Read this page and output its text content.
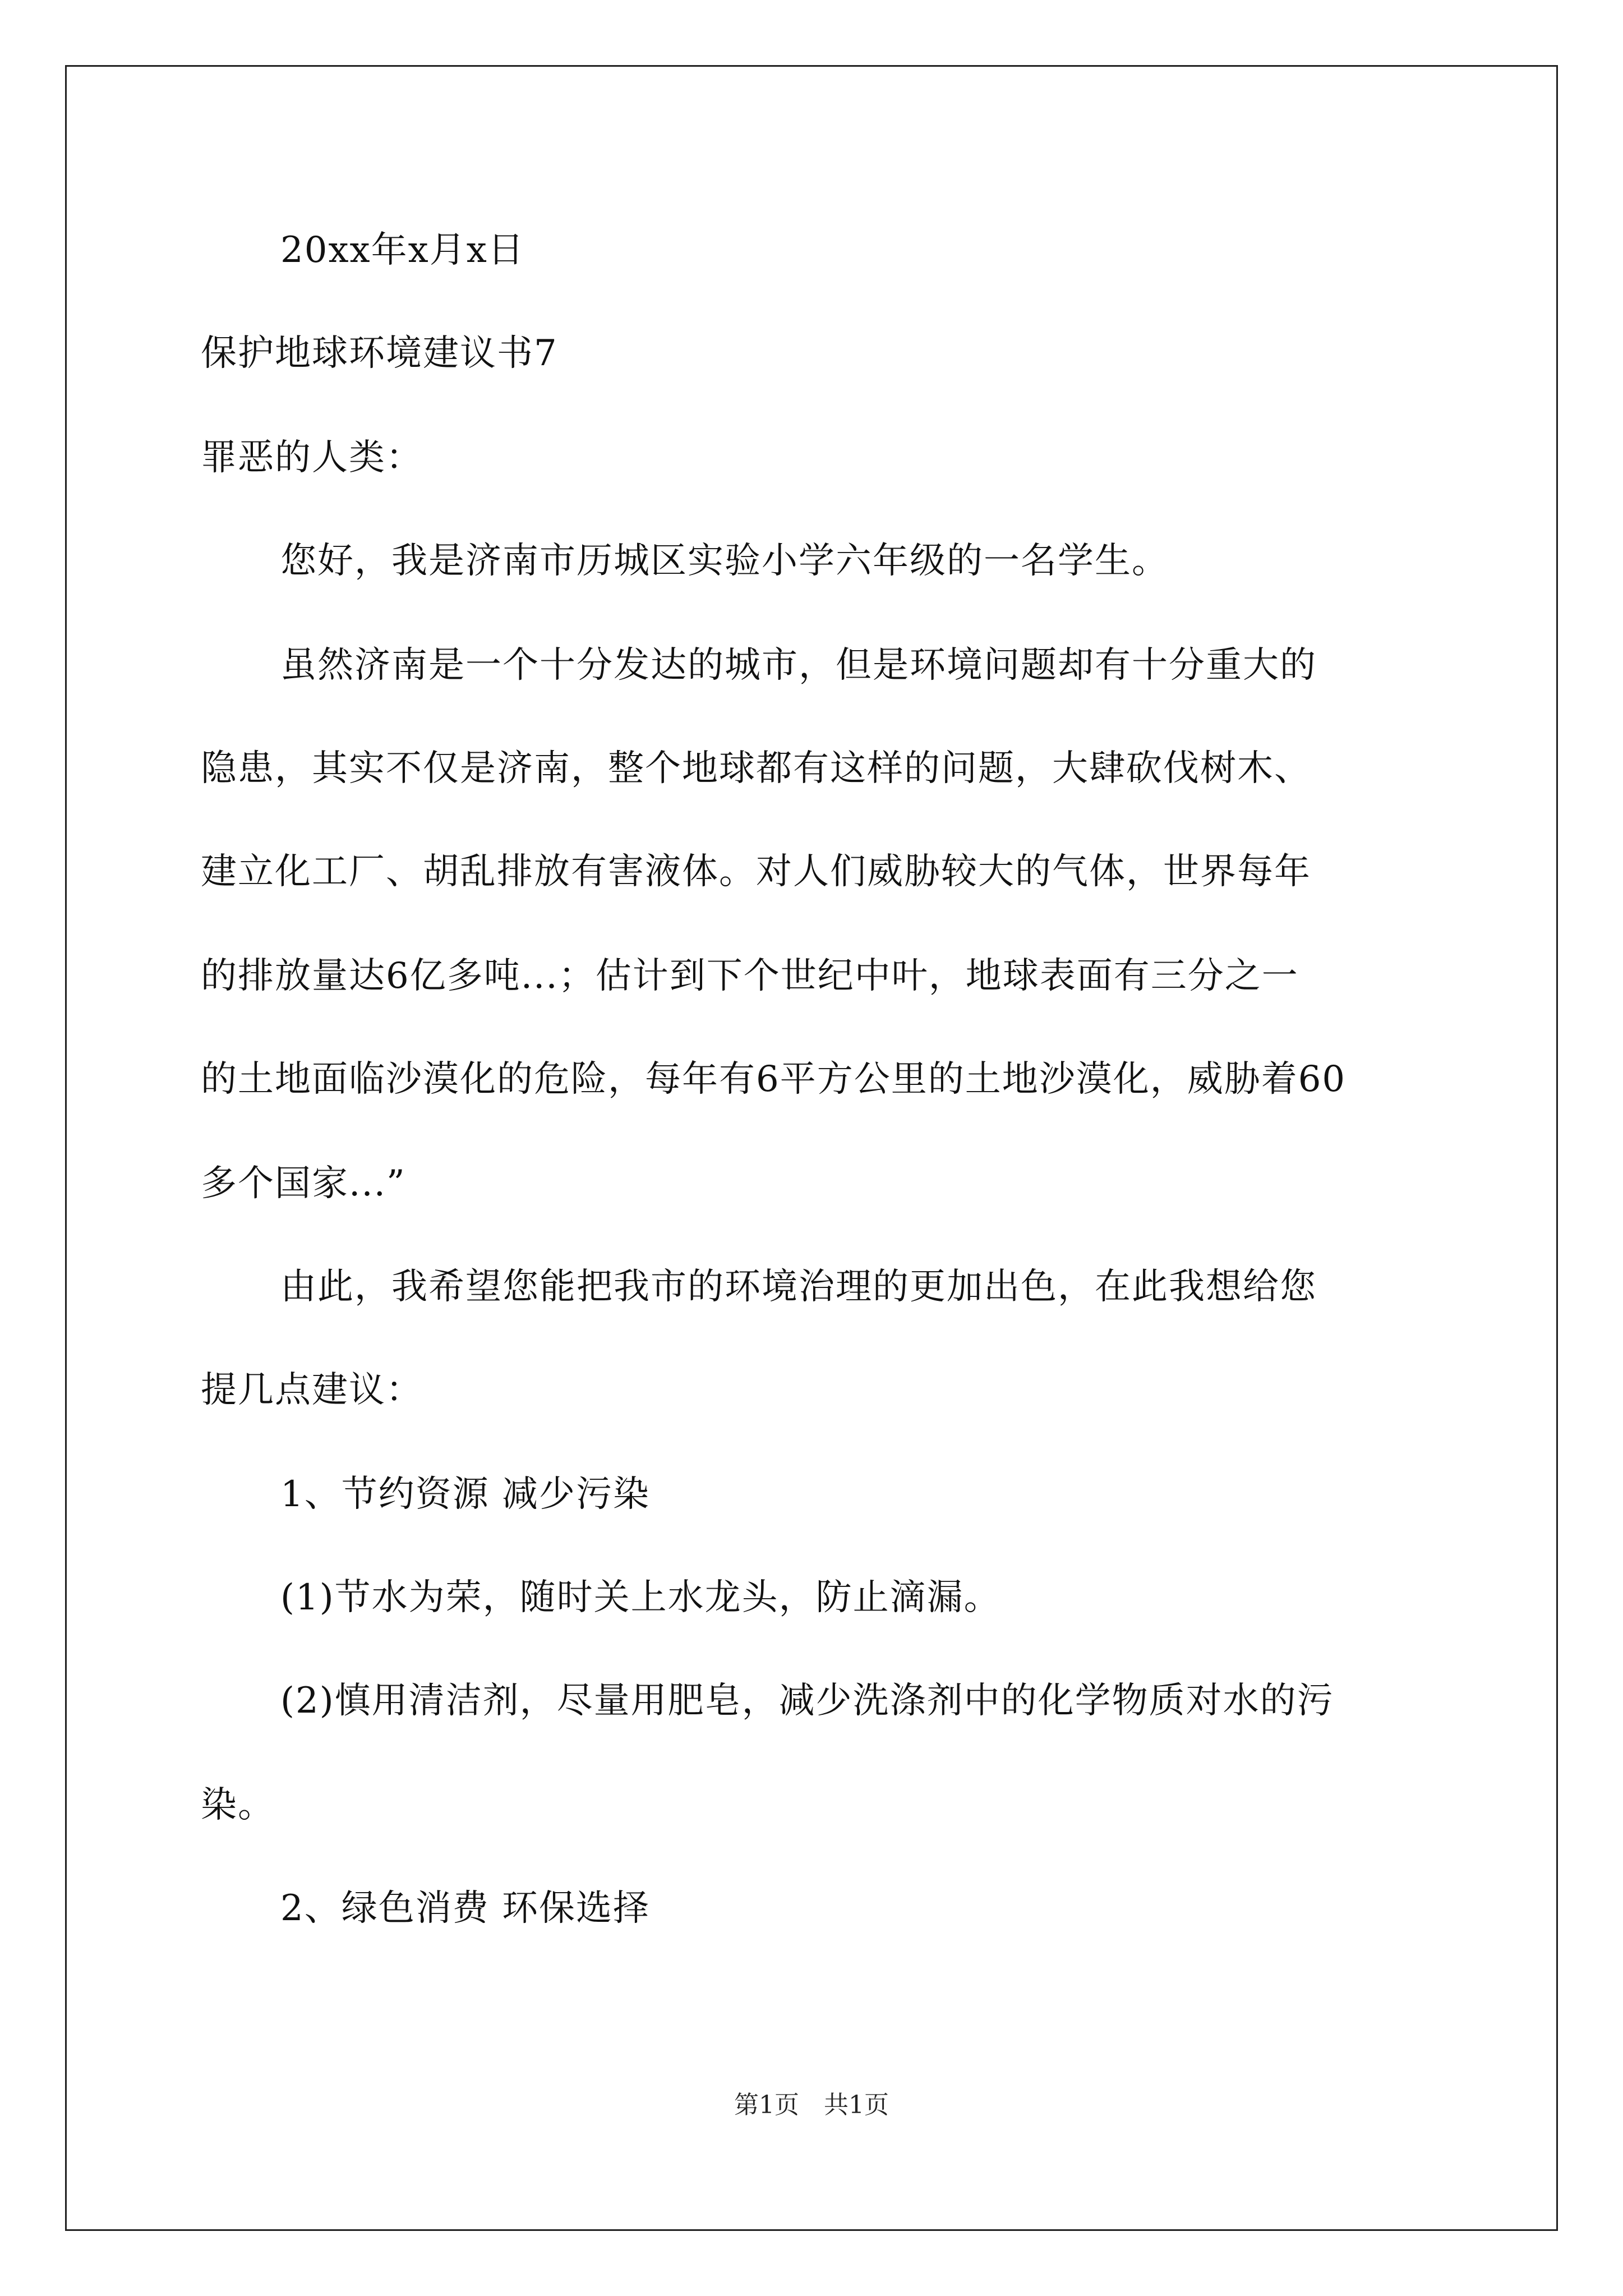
20xx年x月x日
保护地球环境建议书7
罪恶的人类：
您好，我是济南市历城区实验小学六年级的一名学生。
虽然济南是一个十分发达的城市，但是环境问题却有十分重大的
隐患，其实不仅是济南，整个地球都有这样的问题，大肆砍伐树木、
建立化工厂、胡乱排放有害液体。对人们威胁较大的气体，世界每年
的排放量达6亿多吨...；估计到下个世纪中叶，地球表面有三分之一
的土地面临沙漠化的危险，每年有6平方公里的土地沙漠化，威胁着60
多个国家...”
由此，我希望您能把我市的环境治理的更加出色，在此我想给您
提几点建议：
1、节约资源 减少污染
(1)节水为荣，随时关上水龙头，防止滴漏。
(2)慎用清洁剂，尽量用肥皂，减少洗涤剂中的化学物质对水的污
染。
2、绿色消费 环保选择
第1页　共1页
